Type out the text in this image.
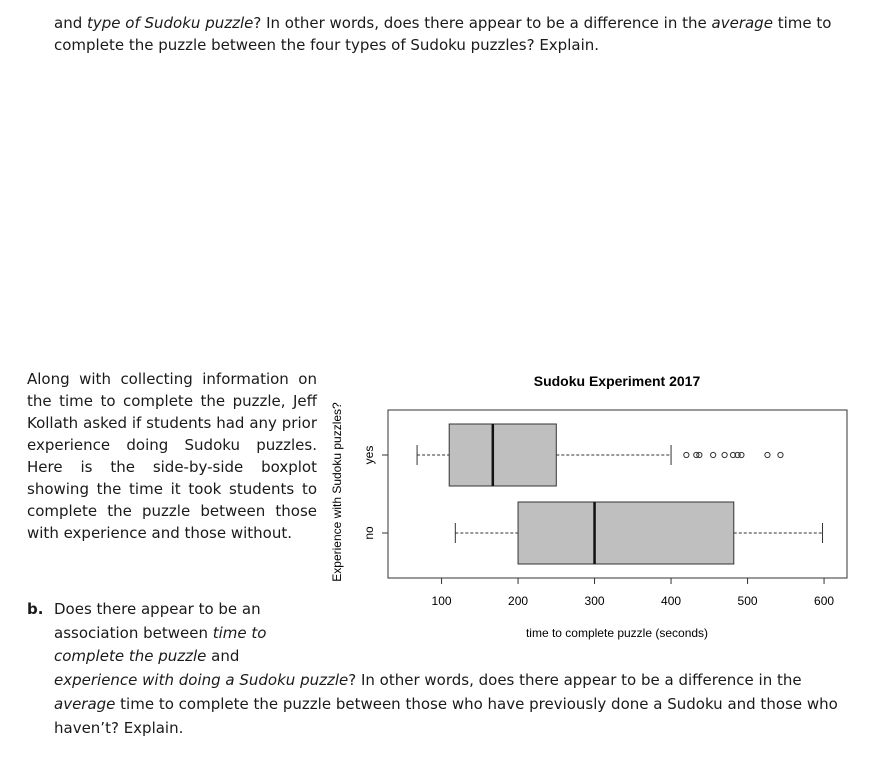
and type of Sudoku puzzle? In other words, does there appear to be a difference in the average time to
complete the puzzle between the four types of Sudoku puzzles? Explain.

Along with collecting information on the time to complete the puzzle, Jeff Kollath asked if students had any prior experience doing Sudoku puzzles. Here is the side-by-side boxplot showing the time it took students to complete the puzzle between those with experience and those without.

Sudoku Experiment 2017
100	200	300	400	500	600
yes
no
time to complete puzzle (seconds)
Experience with Sudoku puzzles?
b. Does there appear to be an
association between time to
complete the puzzle and
experience with doing a Sudoku puzzle? In other words, does there appear to be a difference in the
average time to complete the puzzle between those who have previously done a Sudoku and those who
haven’t? Explain.
